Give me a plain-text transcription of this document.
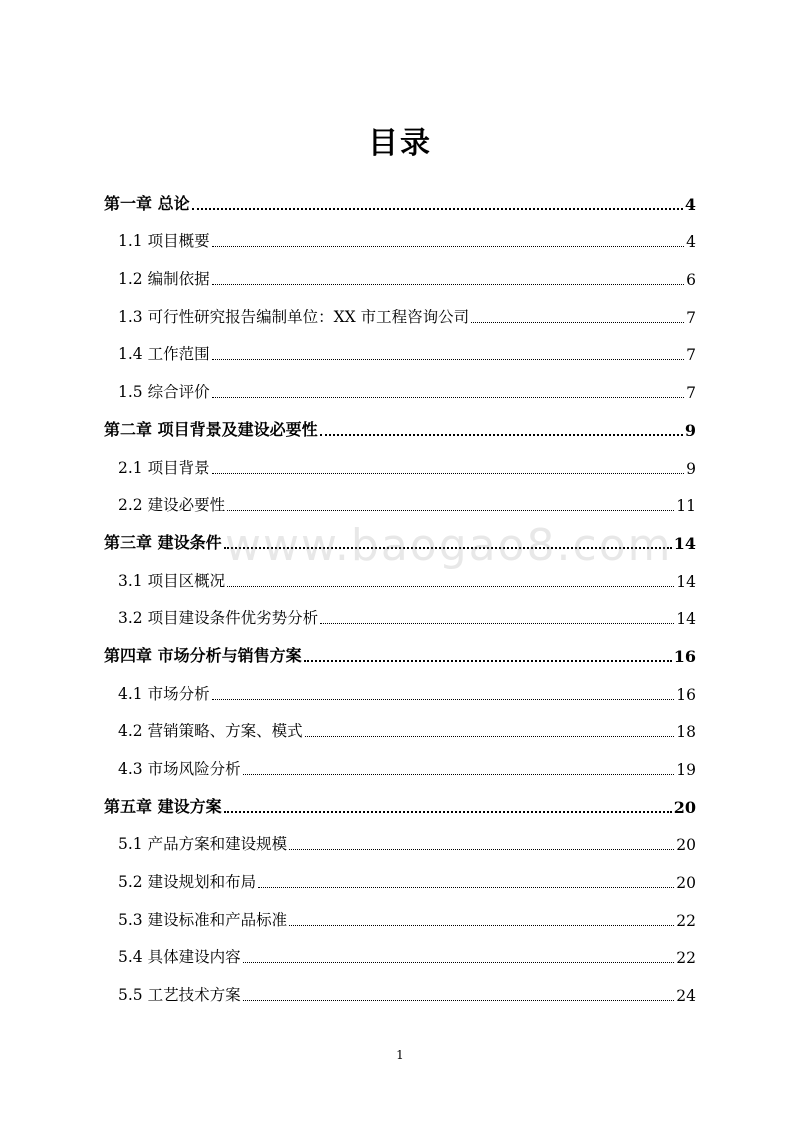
目录
第一章 总论	4
1.1 项目概要	4
1.2 编制依据	6
1.3 可行性研究报告编制单位：XX 市工程咨询公司	7
1.4 工作范围	7
1.5 综合评价	7
第二章 项目背景及建设必要性	9
2.1 项目背景	9
2.2 建设必要性	11
第三章 建设条件	14
3.1 项目区概况	14
3.2 项目建设条件优劣势分析	14
第四章 市场分析与销售方案	16
4.1 市场分析	16
4.2 营销策略、方案、模式	18
4.3 市场风险分析	19
第五章 建设方案	20
5.1 产品方案和建设规模	20
5.2 建设规划和布局	20
5.3 建设标准和产品标准	22
5.4 具体建设内容	22
5.5 工艺技术方案	24
www.baogao8.com
1
